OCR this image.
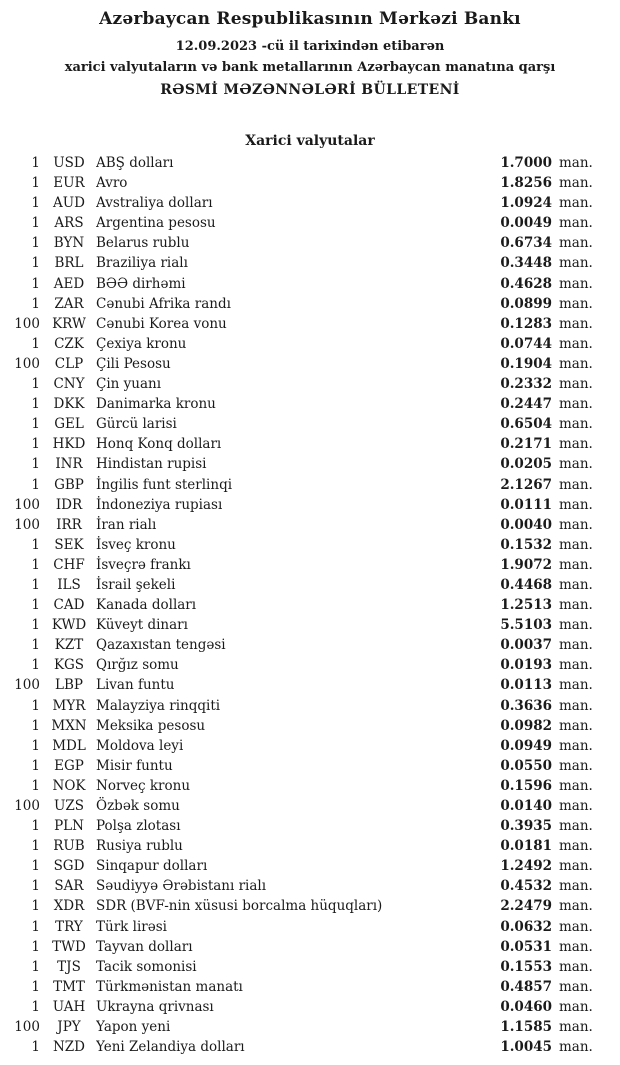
Azərbaycan Respublikasının Mərkəzi Bankı
12.09.2023 -cü il tarixindən etibarən
xarici valyutaların və bank metallarının Azərbaycan manatına qarşı
RƏSMİ MƏZƏNNƏLƏRİ BÜLLETENİ
Xarici valyutalar
1 USD ABŞ dolları	1.7000 man.
1 EUR Avro	1.8256 man.
1 AUD Avstraliya dolları	1.0924 man.
1	ARS Argentina pesosu	0.0049 man.
1	BYN Belarus rublu	0.6734 man.
1	BRL Braziliya rialı	0.3448 man.
1	AED BƏƏ dirhəmi	0.4628 man.
1	ZAR Cənubi Afrika randı	0.0899 man.
100 KRW Cənubi Korea vonu	0.1283 man.
1	CZK Çexiya kronu	0.0744 man.
100	CLP Çili Pesosu	0.1904 man.
1 CNY Çin yuanı	0.2332 man.
1	DKK Danimarka kronu	0.2447 man.
1	GEL Gürcü larisi	0.6504 man.
1 HKD Honq Konq dolları	0.2171 man.
1	INR Hindistan rupisi	0.0205 man.
1	GBP İngilis funt sterlinqi	2.1267 man.
100	IDR	İndoneziya rupiası	0.0111 man.
100	IRR	İran rialı	0.0040 man.
1	SEK İsveç kronu	0.1532 man.
1 CHF İsveçrə frankı	1.9072 man.
1	ILS	İsrail şekeli	0.4468 man.
1	CAD Kanada dolları	1.2513 man.
1 KWD Küveyt dinarı	5.5103 man.
1	KZT Qazaxıstan tengəsi	0.0037 man.
1	KGS Qırğız somu	0.0193 man.
100	LBP Livan funtu	0.0113 man.
1 MYR Malayziya rinqqiti	0.3636 man.
1 MXN Meksika pesosu	0.0982 man.
1 MDL Moldova leyi	0.0949 man.
1	EGP Misir funtu	0.0550 man.
1 NOK Norveç kronu	0.1596 man.
100	UZS Özbək somu	0.0140 man.
1	PLN Polşa zlotası	0.3935 man.
1 RUB Rusiya rublu	0.0181 man.
1	SGD Sinqapur dolları	1.2492 man.
1	SAR Səudiyyə Ərəbistanı rialı	0.4532 man.
1	XDR SDR (BVF-nin xüsusi borcalma hüquqları)	2.2479 man.
1	TRY Türk lirəsi	0.0632 man.
1 TWD Tayvan dolları	0.0531 man.
1	TJS	Tacik somonisi	0.1553 man.
1 TMT Türkmənistan manatı	0.4857 man.
1 UAH Ukrayna qrivnası	0.0460 man.
100	JPY	Yapon yeni	1.1585 man.
1 NZD Yeni Zelandiya dolları	1.0045 man.
